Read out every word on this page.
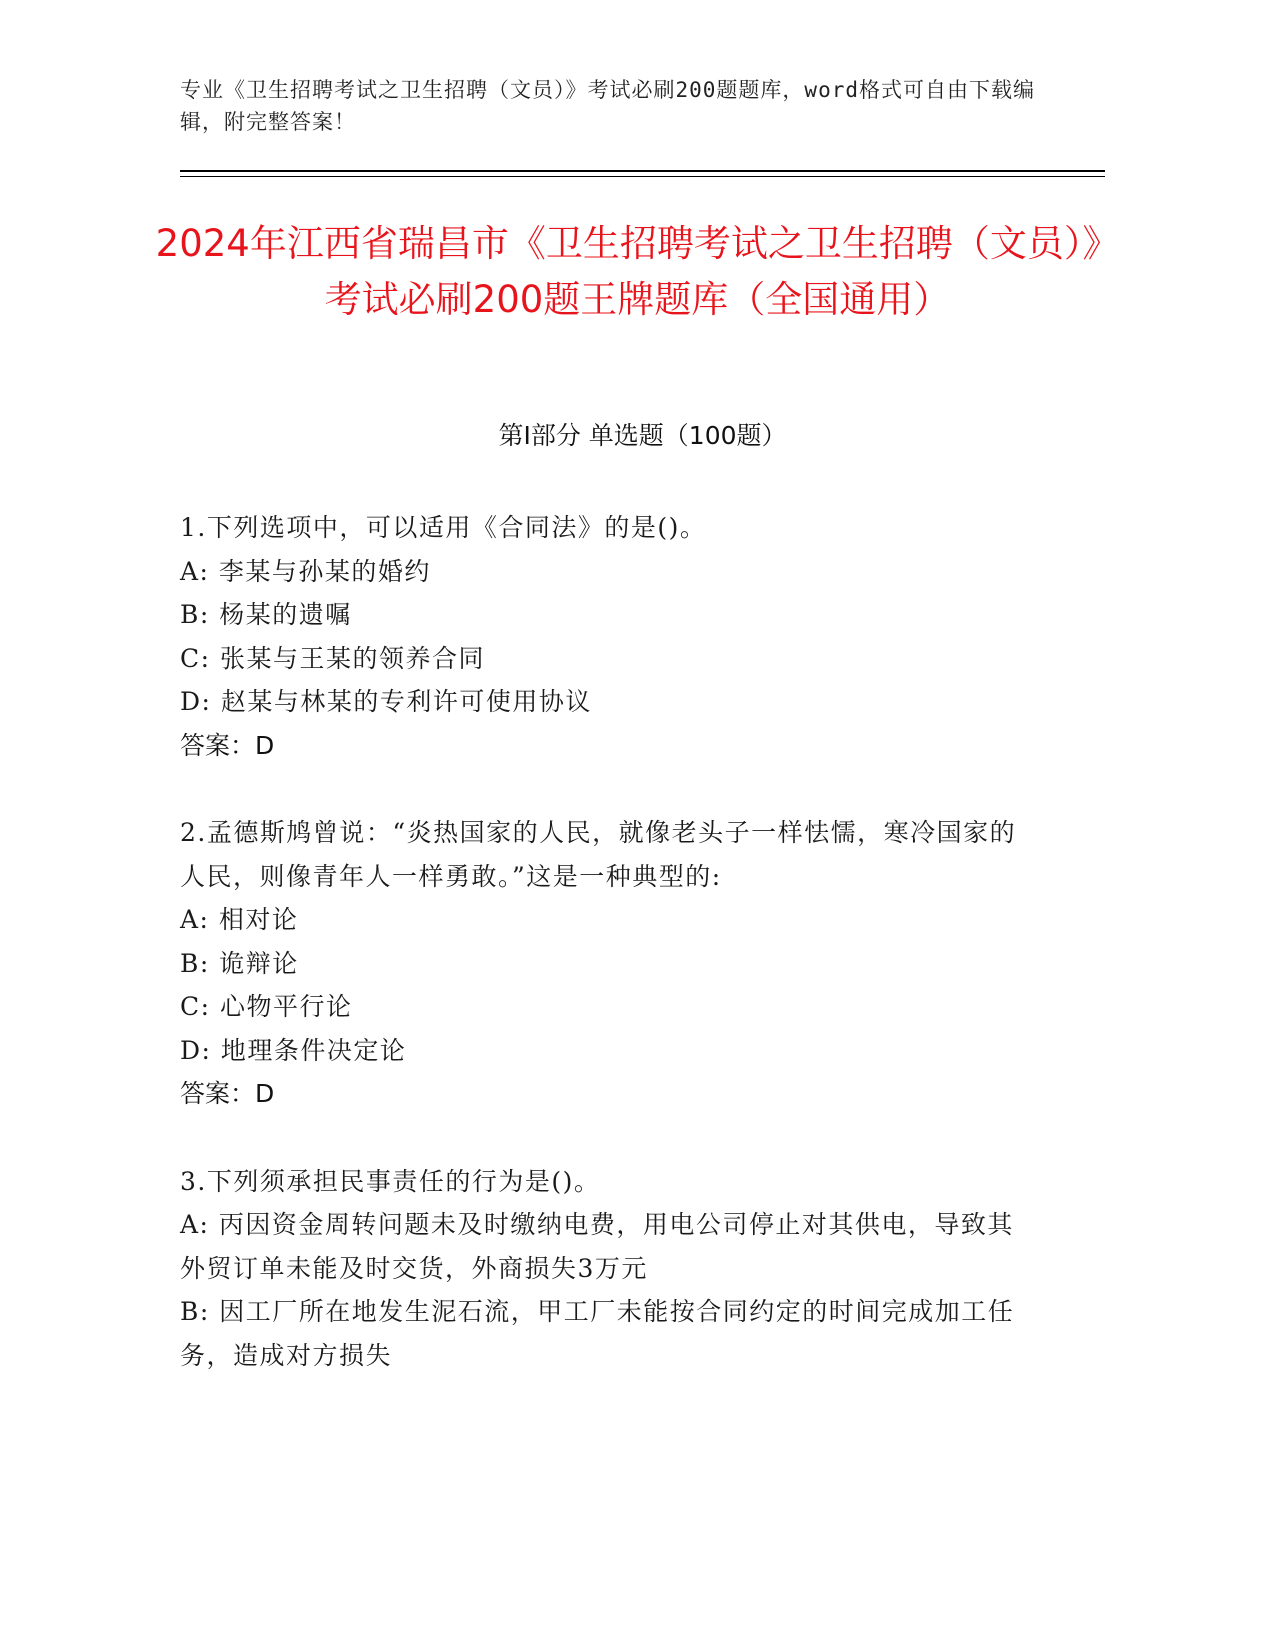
专业《卫生招聘考试之卫生招聘（文员）》考试必刷200题题库，word格式可自由下载编辑，附完整答案！
2024年江西省瑞昌市《卫生招聘考试之卫生招聘（文员）》考试必刷200题王牌题库（全国通用）
第I部分 单选题（100题）

1.下列选项中，可以适用《合同法》的是()。

A: 李某与孙某的婚约

B: 杨某的遗嘱

C: 张某与王某的领养合同

D: 赵某与林某的专利许可使用协议

答案：D

2.孟德斯鸠曾说：“炎热国家的人民，就像老头子一样怯懦，寒冷国家的人民，则像青年人一样勇敢。”这是一种典型的:

A: 相对论

B: 诡辩论

C: 心物平行论

D: 地理条件决定论

答案：D

3.下列须承担民事责任的行为是()。

A: 丙因资金周转问题未及时缴纳电费，用电公司停止对其供电，导致其外贸订单未能及时交货，外商损失3万元

B: 因工厂所在地发生泥石流，甲工厂未能按合同约定的时间完成加工任务，造成对方损失
